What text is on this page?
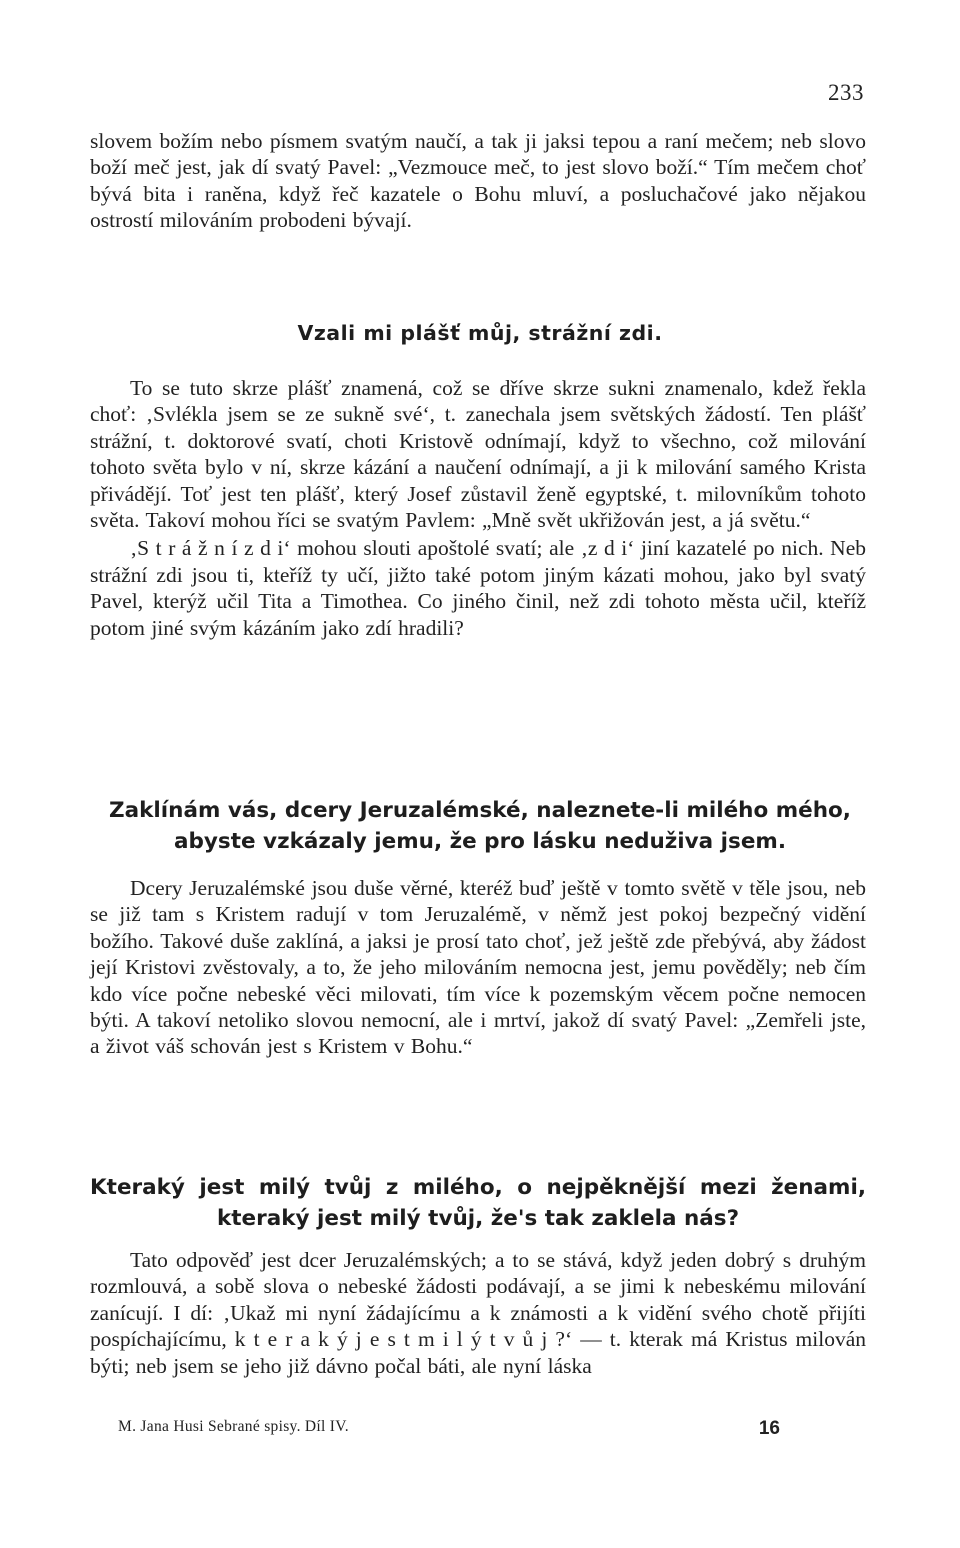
233

slovem božím nebo písmem svatým naučí, a tak ji jaksi tepou a raní mečem; neb slovo boží meč jest, jak dí svatý Pavel: „Vezmouce meč, to jest slovo boží.“ Tím mečem choť bývá bita i raněna, když řeč kazatele o Bohu mluví, a posluchačové jako nějakou ostrostí milováním probodeni bývají.

Vzali mi plášť můj, strážní zdi.

To se tuto skrze plášť znamená, což se dříve skrze sukni znamenalo, kdež řekla choť: ‚Svlékla jsem se ze sukně své‘, t. zanechala jsem světských žádostí. Ten plášť strážní, t. doktorové svatí, choti Kristově odnímají, když to všechno, což milování tohoto světa bylo v ní, skrze kázání a naučení odnímají, a ji k milování samého Krista přivádějí. Toť jest ten plášť, který Josef zůstavil ženě egyptské, t. milovníkům tohoto světa. Takoví mohou říci se svatým Pavlem: „Mně svět ukřižován jest, a já světu.“

‚S t r á ž n í z d i‘ mohou slouti apoštolé svatí; ale ‚z d i‘ jiní kazatelé po nich. Neb strážní zdi jsou ti, kteříž ty učí, jižto také potom jiným kázati mohou, jako byl svatý Pavel, kterýž učil Tita a Timothea. Co jiného činil, než zdi tohoto města učil, kteříž potom jiné svým kázáním jako zdí hradili?

Zaklínám vás, dcery Jeruzalémské, naleznete-li milého mého,
abyste vzkázaly jemu, že pro lásku neduživa jsem.

Dcery Jeruzalémské jsou duše věrné, kteréž buď ještě v tomto světě v těle jsou, neb se již tam s Kristem radují v tom Jeruzalémě, v němž jest pokoj bezpečný vidění božího. Takové duše zaklíná, a jaksi je prosí tato choť, jež ještě zde přebývá, aby žádost její Kristovi zvěstovaly, a to, že jeho milováním nemocna jest, jemu pověděly; neb čím kdo více počne nebeské věci milovati, tím více k pozemským věcem počne nemocen býti. A takoví netoliko slovou nemocní, ale i mrtví, jakož dí svatý Pavel: „Zemřeli jste, a život váš schován jest s Kristem v Bohu.“

Kteraký jest milý tvůj z milého, o nejpěknější mezi ženami, kteraký jest milý tvůj, že's tak zaklela nás?

Tato odpověď jest dcer Jeruzalémských; a to se stává, když jeden dobrý s druhým rozmlouvá, a sobě slova o nebeské žádosti podávají, a se jimi k nebeskému milování zanícují. I dí: ‚Ukaž mi nyní žádajícímu a k známosti a k vidění svého chotě přijíti pospíchajícímu, k t e r a k ý j e s t m i l ý t v ů j ?‘ — t. kterak má Kristus milován býti; neb jsem se jeho již dávno počal báti, ale nyní láska

M. Jana Husi Sebrané spisy. Díl IV.	16
